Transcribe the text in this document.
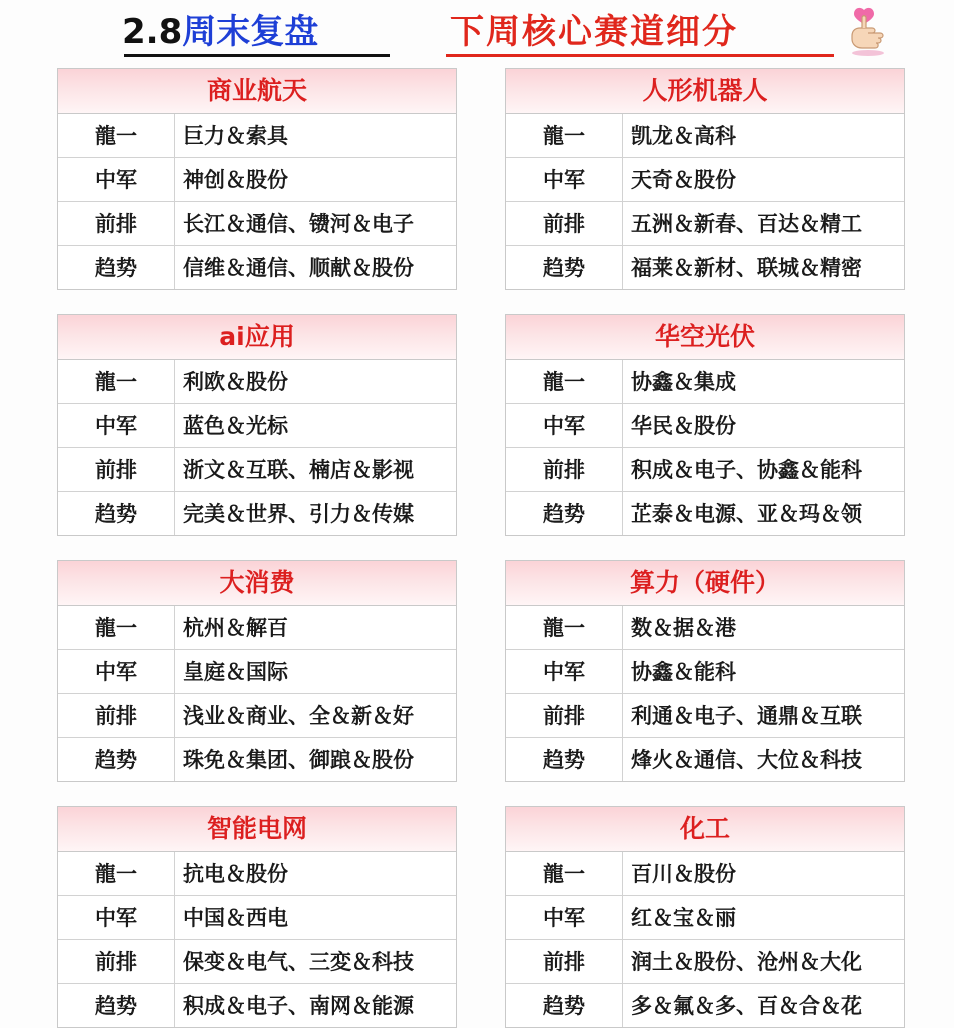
2.8周末复盘	下周核心赛道细分
商业航天
龍一	巨力＆索具
中军	神创＆股份
前排	长江＆通信、镄河＆电子
趋势	信维＆通信、顺献＆股份
人形机器人
龍一	凯龙＆高科
中军	天奇＆股份
前排	五洲＆新春、百达＆精工
趋势	福莱＆新材、联城＆精密
ai应用
龍一	利欧＆股份
中军	蓝色＆光标
前排	浙文＆互联、楠店＆影视
趋势	完美＆世界、引力＆传媒
华空光伏
龍一	协鑫＆集成
中军	华民＆股份
前排	积成＆电子、协鑫＆能科
趋势	芷泰＆电源、亚＆玛＆领
大消费
龍一	杭州＆解百
中军	皇庭＆国际
前排	浅业＆商业、全＆新＆好
趋势	珠免＆集团、御踉＆股份
算力（硬件）
龍一	数＆据＆港
中军	协鑫＆能科
前排	利通＆电子、通鼎＆互联
趋势	烽火＆通信、大位＆科技
智能电网
龍一	抗电＆股份
中军	中国＆西电
前排	保变＆电气、三変＆科技
趋势	积成＆电子、南网＆能源
化工
龍一	百川＆股份
中军	红＆宝＆丽
前排	润土＆股份、沧州＆大化
趋势	多＆氟＆多、百＆合＆花
